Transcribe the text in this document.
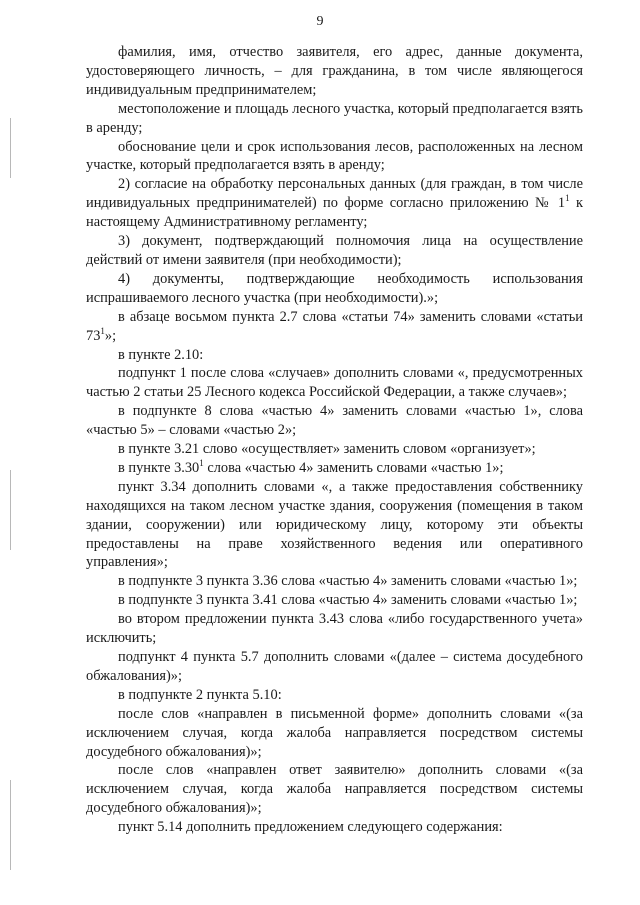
9

фамилия, имя, отчество заявителя, его адрес, данные документа, удостоверяющего личность, – для гражданина, в том числе являющегося индивидуальным предпринимателем;

местоположение и площадь лесного участка, который предполагается взять в аренду;

обоснование цели и срок использования лесов, расположенных на лесном участке, который предполагается взять в аренду;

2) согласие на обработку персональных данных (для граждан, в том числе индивидуальных предпринимателей) по форме согласно приложению № $1^1$ к настоящему Административному регламенту;

3) документ, подтверждающий полномочия лица на осуществление действий от имени заявителя (при необходимости);

4) документы, подтверждающие необходимость использования испрашиваемого лесного участка (при необходимости).»;

в абзаце восьмом пункта 2.7 слова «статьи 74» заменить словами «статьи $73^1$»;

в пункте 2.10:

подпункт 1 после слова «случаев» дополнить словами «, предусмотренных частью 2 статьи 25 Лесного кодекса Российской Федерации, а также случаев»;

в подпункте 8 слова «частью 4» заменить словами «частью 1», слова «частью 5» – словами «частью 2»;

в пункте 3.21 слово «осуществляет» заменить словом «организует»;

в пункте 3.30$^1$ слова «частью 4» заменить словами «частью 1»;

пункт 3.34 дополнить словами «, а также предоставления собственнику находящихся на таком лесном участке здания, сооружения (помещения в таком здании, сооружении) или юридическому лицу, которому эти объекты предоставлены на праве хозяйственного ведения или оперативного управления»;

в подпункте 3 пункта 3.36 слова «частью 4» заменить словами «частью 1»;

в подпункте 3 пункта 3.41 слова «частью 4» заменить словами «частью 1»;

во втором предложении пункта 3.43 слова «либо государственного учета» исключить;

подпункт 4 пункта 5.7 дополнить словами «(далее – система досудебного обжалования)»;

в подпункте 2 пункта 5.10:

после слов «направлен в письменной форме» дополнить словами «(за исключением случая, когда жалоба направляется посредством системы досудебного обжалования)»;

после слов «направлен ответ заявителю» дополнить словами «(за исключением случая, когда жалоба направляется посредством системы досудебного обжалования)»;

пункт 5.14 дополнить предложением следующего содержания:
